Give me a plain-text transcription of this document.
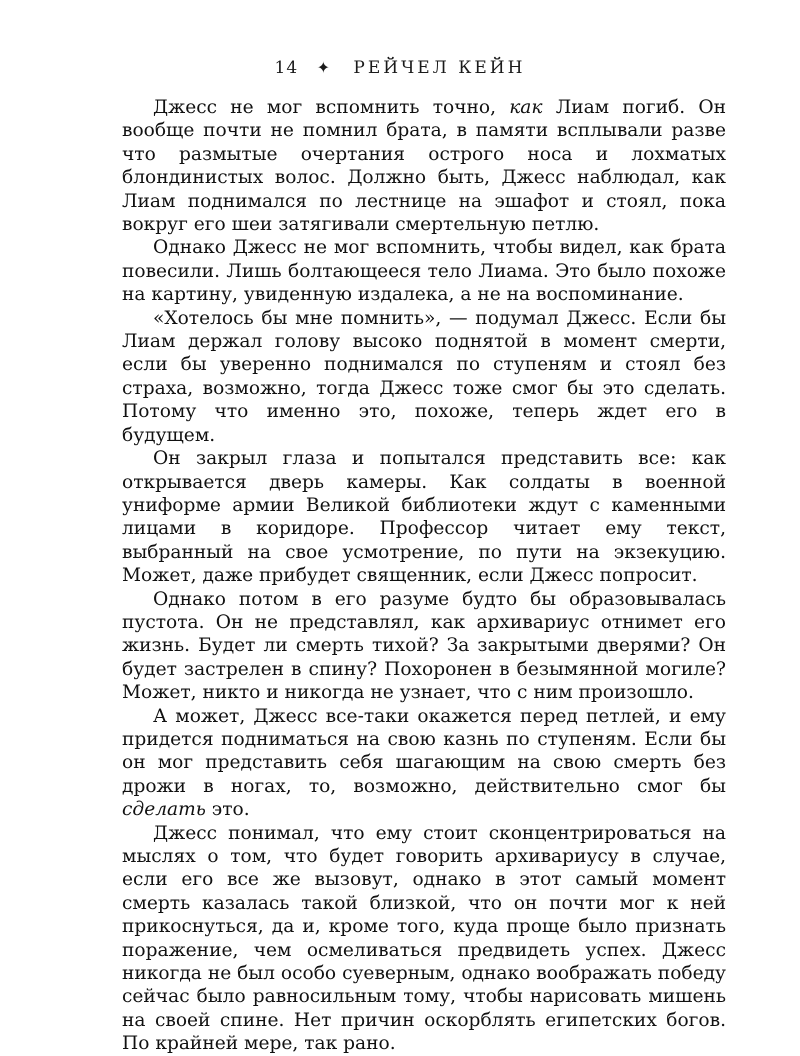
14 ✦ РЕЙЧЕЛ КЕЙН

Джесс не мог вспомнить точно, как Лиам погиб. Он вообще почти не помнил брата, в памяти всплывали разве что размытые очертания острого носа и лохматых блондинистых волос. Должно быть, Джесс наблюдал, как Лиам поднимался по лестнице на эшафот и стоял, пока вокруг его шеи затягивали смертельную петлю.

Однако Джесс не мог вспомнить, чтобы видел, как брата повесили. Лишь болтающееся тело Лиама. Это было похоже на картину, увиденную издалека, а не на воспоминание.

«Хотелось бы мне помнить», — подумал Джесс. Если бы Лиам держал голову высоко поднятой в момент смерти, если бы уверенно поднимался по ступеням и стоял без страха, возможно, тогда Джесс тоже смог бы это сделать. Потому что именно это, похоже, теперь ждет его в будущем.

Он закрыл глаза и попытался представить все: как открывается дверь камеры. Как солдаты в военной униформе армии Великой библиотеки ждут с каменными лицами в коридоре. Профессор читает ему текст, выбранный на свое усмотрение, по пути на экзекуцию. Может, даже прибудет священник, если Джесс попросит.

Однако потом в его разуме будто бы образовывалась пустота. Он не представлял, как архивариус отнимет его жизнь. Будет ли смерть тихой? За закрытыми дверями? Он будет застрелен в спину? Похоронен в безымянной могиле? Может, никто и никогда не узнает, что с ним произошло.

А может, Джесс все-таки окажется перед петлей, и ему придется подниматься на свою казнь по ступеням. Если бы он мог представить себя шагающим на свою смерть без дрожи в ногах, то, возможно, действительно смог бы сделать это.

Джесс понимал, что ему стоит сконцентрироваться на мыслях о том, что будет говорить архивариусу в случае, если его все же вызовут, однако в этот самый момент смерть казалась такой близкой, что он почти мог к ней прикоснуться, да и, кроме того, куда проще было признать поражение, чем осмеливаться предвидеть успех. Джесс никогда не был особо суеверным, однако воображать победу сейчас было равносильным тому, чтобы нарисовать мишень на своей спине. Нет причин оскорблять египетских богов. По крайней мере, так рано.
